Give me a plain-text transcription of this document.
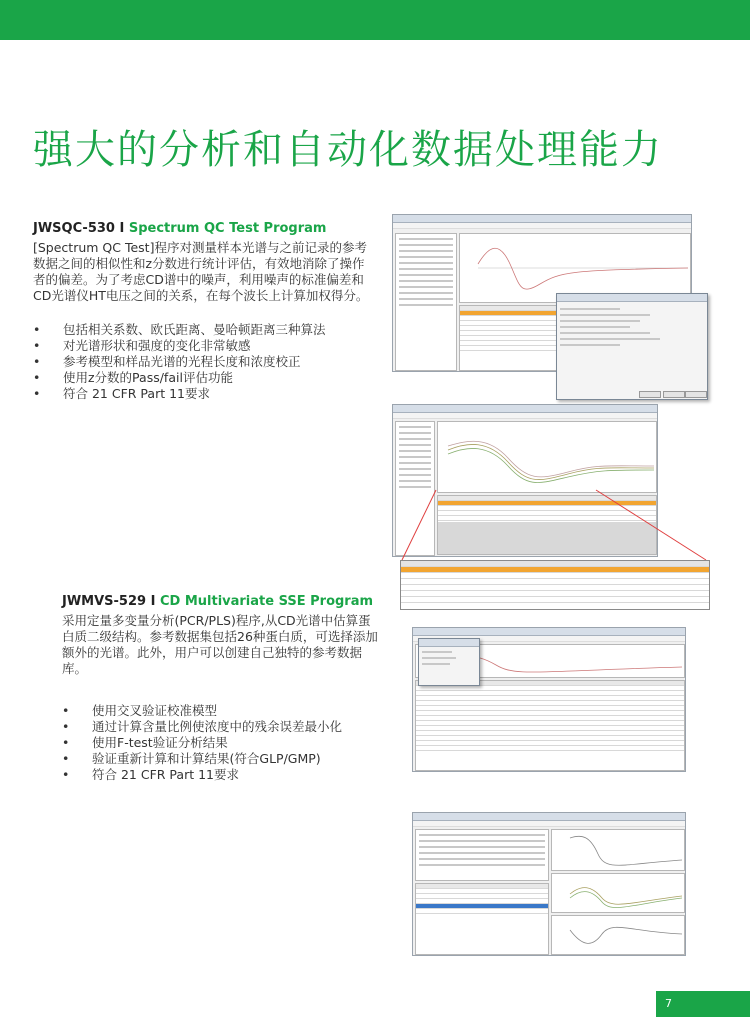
强大的分析和自动化数据处理能力
JWSQC-530 I Spectrum QC Test Program

[Spectrum QC Test]程序对测量样本光谱与之前记录的参考数据之间的相似性和z分数进行统计评估，有效地消除了操作者的偏差。为了考虑CD谱中的噪声，利用噪声的标准偏差和CD光谱仪HT电压之间的关系，在每个波长上计算加权得分。

• 包括相关系数、欧氏距离、曼哈顿距离三种算法
• 对光谱形状和强度的变化非常敏感
• 参考模型和样品光谱的光程长度和浓度校正
• 使用z分数的Pass/fail评估功能
• 符合 21 CFR Part 11要求
JWMVS-529 I CD Multivariate SSE Program

采用定量多变量分析(PCR/PLS)程序,从CD光谱中估算蛋白质二级结构。参考数据集包括26种蛋白质，可选择添加额外的光谱。此外，用户可以创建自己独特的参考数据库。

• 使用交叉验证校准模型
• 通过计算含量比例使浓度中的残余误差最小化
• 使用F-test验证分析结果
• 验证重新计算和计算结果(符合GLP/GMP)
• 符合 21 CFR Part 11要求
7
